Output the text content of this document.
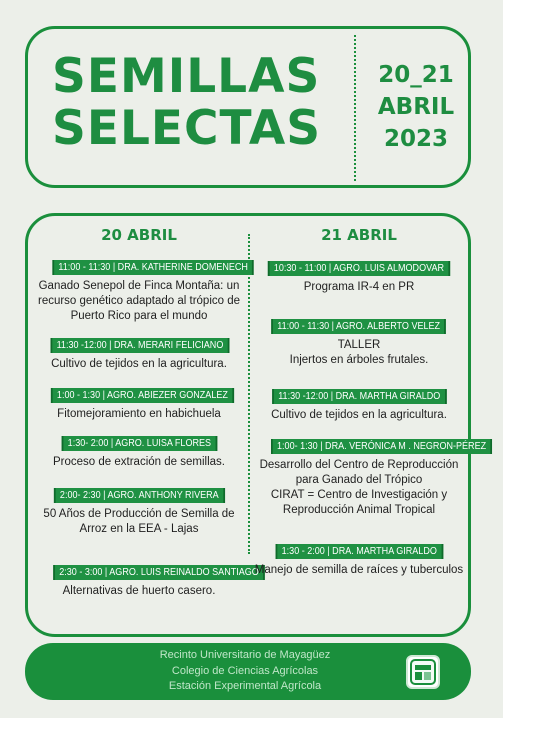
SEMILLAS
SELECTAS
20_21
ABRIL
2023
20 ABRIL
11:00 - 11:30 | DRA. KATHERINE DOMENECH
Ganado Senepol de Finca Montaña: un recurso genético adaptado al trópico de Puerto Rico para el mundo
11:30 -12:00 | DRA. MERARI FELICIANO
Cultivo de tejidos en la agricultura.
1:00 - 1:30 | AGRO. ABIEZER GONZALEZ
Fitomejoramiento en habichuela
1:30- 2:00 | AGRO. LUISA FLORES
Proceso de extración de semillas.
2:00- 2:30 | AGRO. ANTHONY RIVERA
50 Años de Producción de Semilla de Arroz en la EEA - Lajas
2:30 - 3:00 | AGRO. LUIS REINALDO SANTIAGO
Alternativas de huerto casero.
21 ABRIL
10:30 - 11:00 | AGRO. LUIS ALMODOVAR
Programa IR-4 en PR
11:00 - 11:30 | AGRO. ALBERTO VELEZ
TALLER
Injertos en árboles frutales.
11:30 -12:00 | DRA. MARTHA GIRALDO
Cultivo de tejidos en la agricultura.
1:00- 1:30 | DRA. VERÓNICA M . NEGRON-PÉREZ
Desarrollo del Centro de Reproducción
para Ganado del Trópico
CIRAT = Centro de Investigación y
Reproducción Animal Tropical
1:30 - 2:00 | DRA. MARTHA GIRALDO
Manejo de semilla de raíces y tuberculos
Recinto Universitario de Mayagüez
Colegio de Ciencias Agrícolas
Estación Experimental Agrícola
